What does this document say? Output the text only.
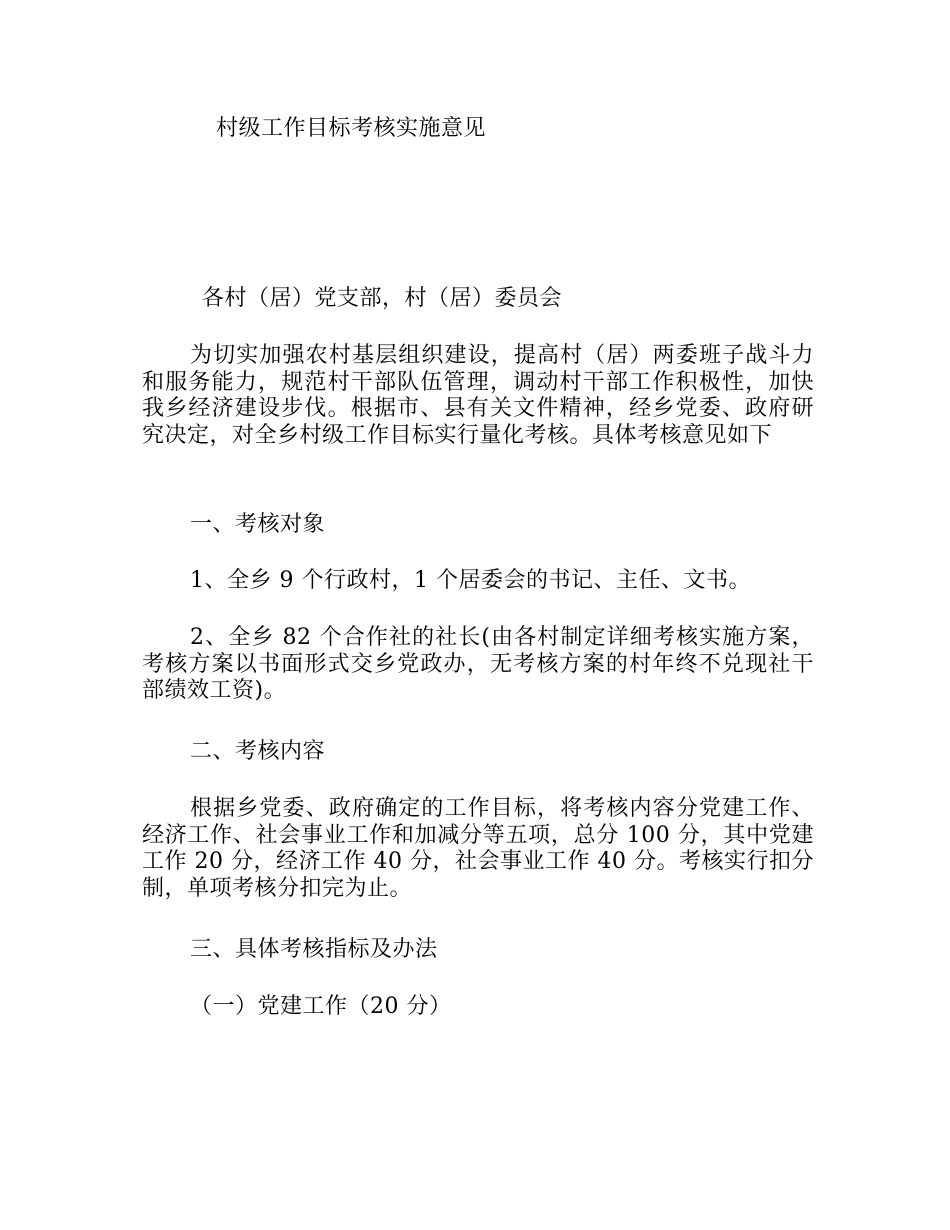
村级工作目标考核实施意见
各村（居）党支部，村（居）委员会
为切实加强农村基层组织建设，提高村（居）两委班子战斗力和服务能力，规范村干部队伍管理，调动村干部工作积极性，加快我乡经济建设步伐。根据市、县有关文件精神，经乡党委、政府研究决定，对全乡村级工作目标实行量化考核。具体考核意见如下
一、考核对象
1、全乡 9 个行政村，1 个居委会的书记、主任、文书。
2、全乡 82 个合作社的社长(由各村制定详细考核实施方案，考核方案以书面形式交乡党政办，无考核方案的村年终不兑现社干部绩效工资)。
二、考核内容
根据乡党委、政府确定的工作目标，将考核内容分党建工作、经济工作、社会事业工作和加减分等五项，总分 100 分，其中党建工作 20 分，经济工作 40 分，社会事业工作 40 分。考核实行扣分制，单项考核分扣完为止。
三、具体考核指标及办法
（一）党建工作（20 分）
